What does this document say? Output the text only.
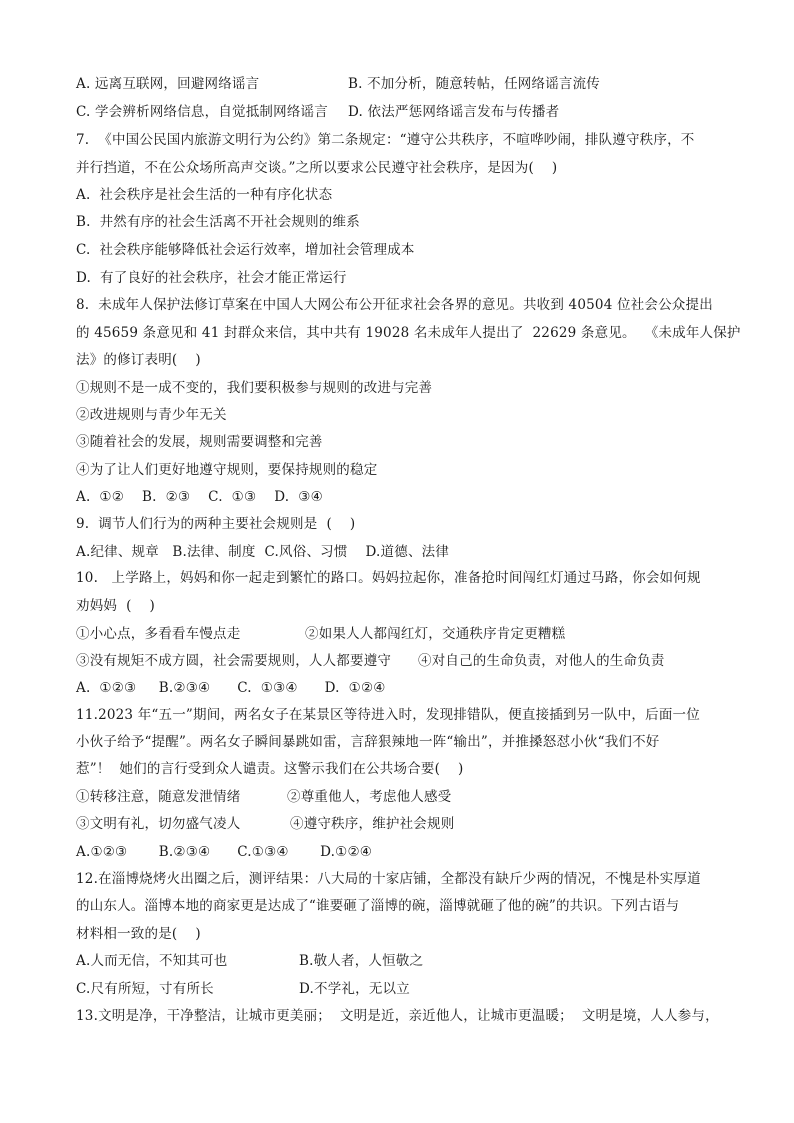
A. 远离互联网，回避网络谣言	B. 不加分析，随意转帖，任网络谣言流传
C. 学会辨析网络信息，自觉抵制网络谣言 D. 依法严惩网络谣言发布与传播者
7.  《中国公民国内旅游文明行为公约》第二条规定：“遵守公共秩序，不喧哗吵闹，排队遵守秩序，不
并行挡道，不在公众场所高声交谈。”之所以要求公民遵守社会秩序，是因为(    )
A.  社会秩序是社会生活的一种有序化状态
B.  井然有序的社会生活离不开社会规则的维系
C.  社会秩序能够降低社会运行效率，增加社会管理成本
D.  有了良好的社会秩序，社会才能正常运行
8.  未成年人保护法修订草案在中国人大网公布公开征求社会各界的意见。共收到 40504 位社会公众提出
的 45659 条意见和 41 封群众来信，其中共有 19028 名未成年人提出了  22629 条意见。  《未成年人保护
法》的修订表明(    )
①规则不是一成不变的，我们要积极参与规则的改进与完善
②改进规则与青少年无关
③随着社会的发展，规则需要调整和完善
④为了让人们更好地遵守规则，要保持规则的稳定
A.  ①②    B.  ②③    C.  ①③    D.  ③④
9.  调节人们行为的两种主要社会规则是  (    )
A.纪律、规章   B.法律、制度  C.风俗、习惯    D.道德、法律
10.   上学路上，妈妈和你一起走到繁忙的路口。妈妈拉起你，准备抢时间闯红灯通过马路，你会如何规
劝妈妈  (    )
①小心点，多看看车慢点走	②如果人人都闯红灯，交通秩序肯定更糟糕
③没有规矩不成方圆，社会需要规则，人人都要遵守 ④对自己的生命负责，对他人的生命负责
A.  ①②③     B.②③④      C.  ①③④      D.  ①②④
11.2023 年“五一”期间，两名女子在某景区等待进入时，发现排错队，便直接插到另一队中，后面一位
小伙子给予“提醒”。两名女子瞬间暴跳如雷，言辞狠辣地一阵“输出”，并推搡怒怼小伙“我们不好
惹”！  她们的言行受到众人谴责。这警示我们在公共场合要(    )
①转移注意，随意发泄情绪	②尊重他人，考虑他人感受
③文明有礼，切勿盛气凌人	④遵守秩序，维护社会规则
A.①②③       B.②③④      C.①③④       D.①②④
12.在淄博烧烤火出圈之后，测评结果：八大局的十家店铺，全都没有缺斤少两的情况，不愧是朴实厚道
的山东人。淄博本地的商家更是达成了“谁要砸了淄博的碗，淄博就砸了他的碗”的共识。下列古语与
材料相一致的是(    )
A.人而无信，不知其可也	B.敬人者，人恒敬之
C.尺有所短，寸有所长	D.不学礼，无以立
13.文明是净，干净整洁，让城市更美丽；  文明是近，亲近他人，让城市更温暖；  文明是境，人人参与，
